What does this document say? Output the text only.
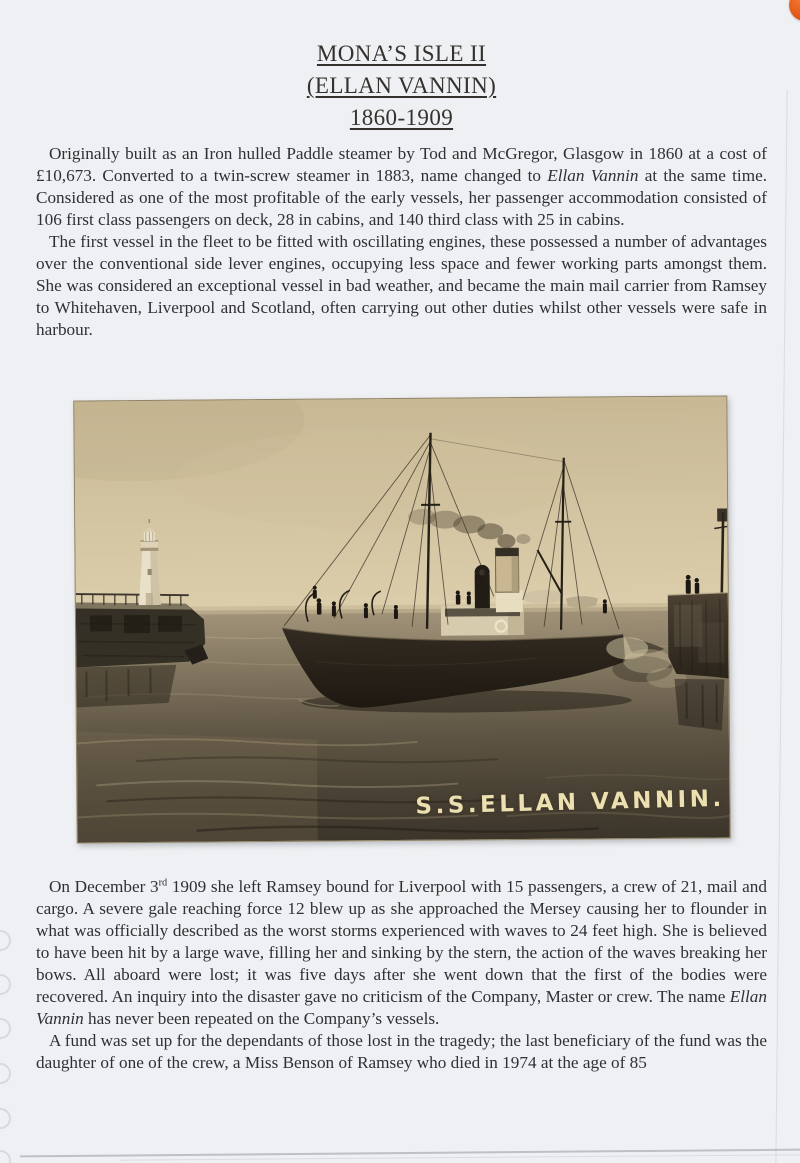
MONA’S ISLE II
(ELLAN VANNIN)
1860-1909

Originally built as an Iron hulled Paddle steamer by Tod and McGregor, Glasgow in 1860 at a cost of £10,673. Converted to a twin-screw steamer in 1883, name changed to Ellan Vannin at the same time. Considered as one of the most profitable of the early vessels, her passenger accommodation consisted of 106 first class passengers on deck, 28 in cabins, and 140 third class with 25 in cabins.

The first vessel in the fleet to be fitted with oscillating engines, these possessed a number of advantages over the conventional side lever engines, occupying less space and fewer working parts amongst them. She was considered an exceptional vessel in bad weather, and became the main mail carrier from Ramsey to Whitehaven, Liverpool and Scotland, often carrying out other duties whilst other vessels were safe in harbour.

S.S.ELLAN VANNIN.

On December 3rd 1909 she left Ramsey bound for Liverpool with 15 passengers, a crew of 21, mail and cargo. A severe gale reaching force 12 blew up as she approached the Mersey causing her to flounder in what was officially described as the worst storms experienced with waves to 24 feet high. She is believed to have been hit by a large wave, filling her and sinking by the stern, the action of the waves breaking her bows. All aboard were lost; it was five days after she went down that the first of the bodies were recovered. An inquiry into the disaster gave no criticism of the Company, Master or crew. The name Ellan Vannin has never been repeated on the Company’s vessels.

A fund was set up for the dependants of those lost in the tragedy; the last beneficiary of the fund was the daughter of one of the crew, a Miss Benson of Ramsey who died in 1974 at the age of 85
